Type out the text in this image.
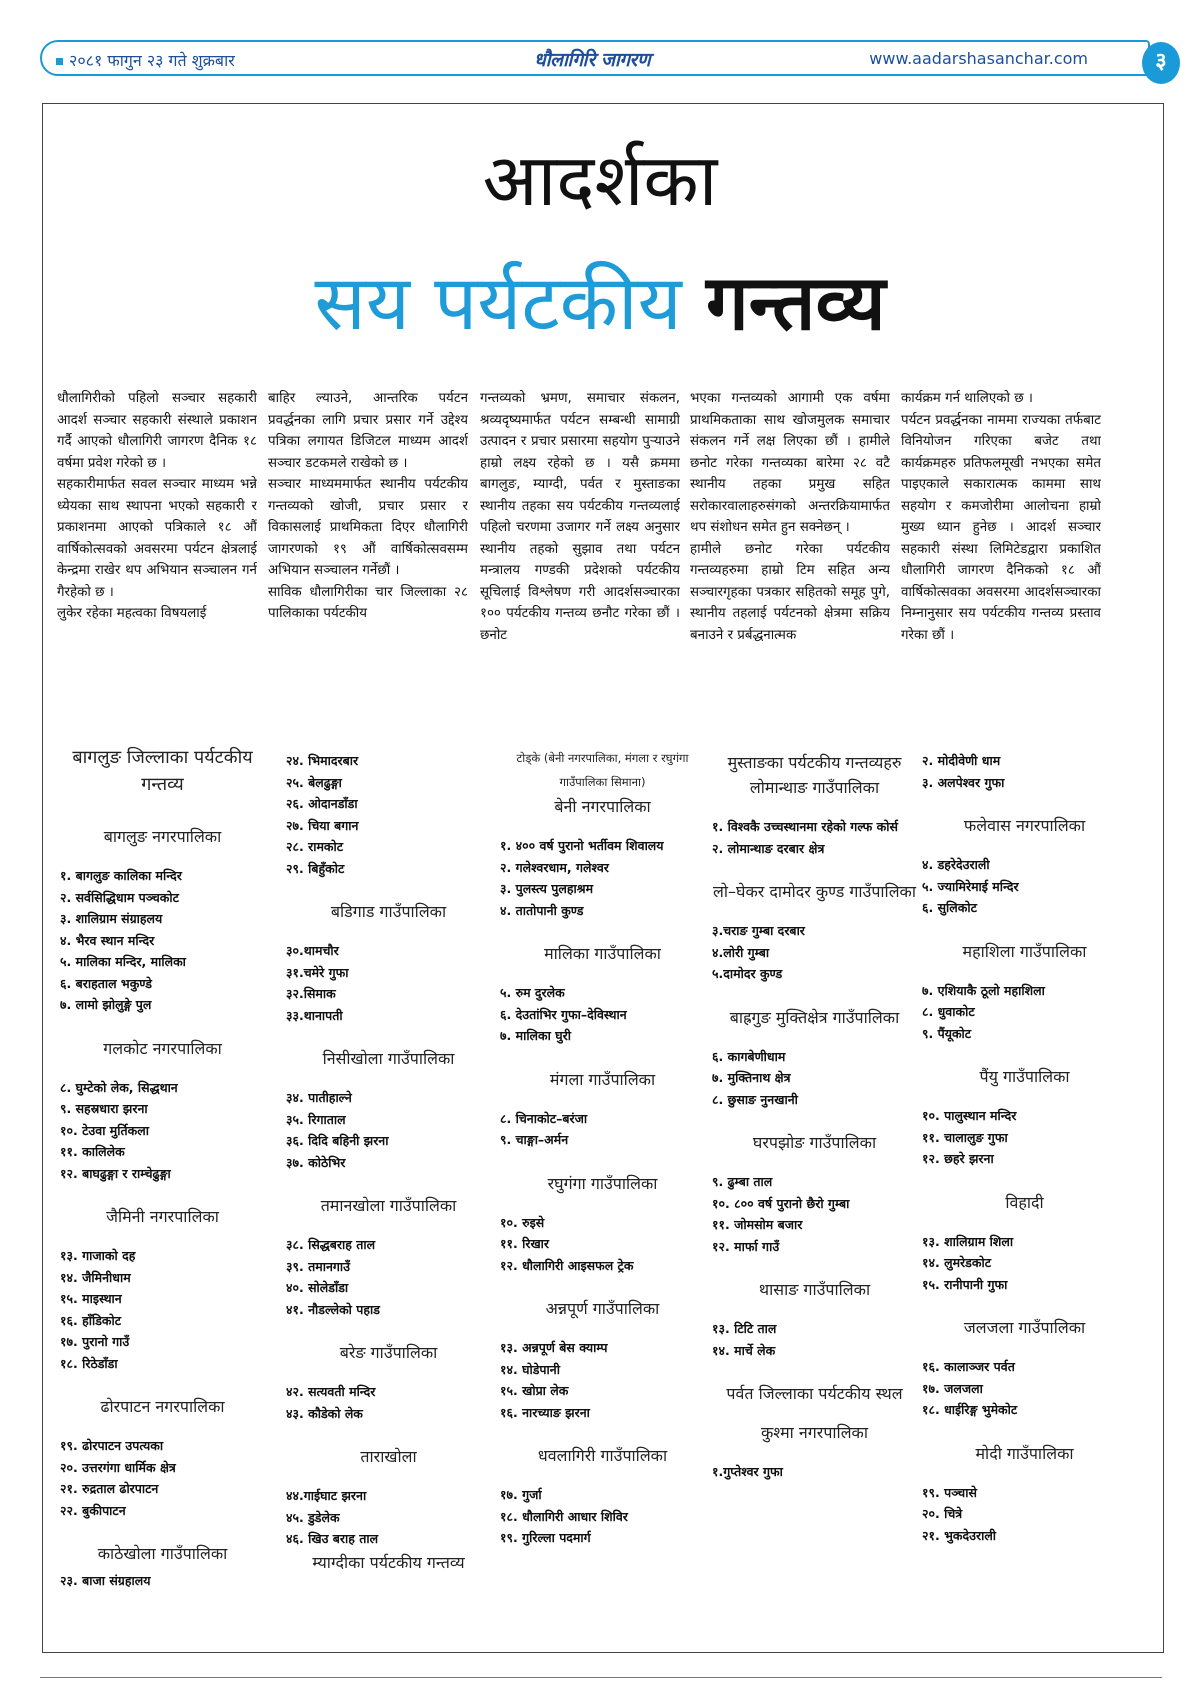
२०८१ फागुन २३ गते शुक्रबार	धौलागिरि जागरण	www.aadarshasanchar.com	३
आदर्शका
सय पर्यटकीय गन्तव्य

धौलागिरीको पहिलो सञ्चार सहकारी आदर्श सञ्चार सहकारी संस्थाले प्रकाशन गर्दै आएको धौलागिरी जागरण दैनिक १८ वर्षमा प्रवेश गरेको छ ।

सहकारीमार्फत सवल सञ्चार माध्यम भन्ने ध्येयका साथ स्थापना भएको सहकारी र प्रकाशनमा आएको पत्रिकाले १८ औं वार्षिकोत्सवको अवसरमा पर्यटन क्षेत्रलाई केन्द्रमा राखेर थप अभियान सञ्चालन गर्न गैरहेको छ ।

लुकेर रहेका महत्वका विषयलाई

बाहिर ल्याउने, आन्तरिक पर्यटन प्रवर्द्धनका लागि प्रचार प्रसार गर्ने उद्देश्य पत्रिका लगायत डिजिटल माध्यम आदर्श सञ्चार डटकमले राखेको छ ।

सञ्चार माध्यममार्फत स्थानीय पर्यटकीय गन्तव्यको खोजी, प्रचार प्रसार र विकासलाई प्राथमिकता दिएर धौलागिरी जागरणको १९ औं वार्षिकोत्सवसम्म अभियान सञ्चालन गर्नेछौं ।

साविक धौलागिरीका चार जिल्लाका २८ पालिकाका पर्यटकीय

गन्तव्यको भ्रमण, समाचार संकलन, श्रव्यदृष्यमार्फत पर्यटन सम्बन्धी सामाग्री उत्पादन र प्रचार प्रसारमा सहयोग पुऱ्याउने हाम्रो लक्ष्य रहेको छ । यसै क्रममा बागलुङ, म्याग्दी, पर्वत र मुस्ताङका स्थानीय तहका सय पर्यटकीय गन्तव्यलाई पहिलो चरणमा उजागर गर्ने लक्ष्य अनुसार स्थानीय तहको सुझाव तथा पर्यटन मन्त्रालय गण्डकी प्रदेशको पर्यटकीय सूचिलाई विश्लेषण गरी आदर्शसञ्चारका १०० पर्यटकीय गन्तव्य छनौट गरेका छौं । छनोट

भएका गन्तव्यको आगामी एक वर्षमा प्राथमिकताका साथ खोजमुलक समाचार संकलन गर्ने लक्ष लिएका छौं । हामीले छनोट गरेका गन्तव्यका बारेमा २८ वटै स्थानीय तहका प्रमुख सहित सरोकारवालाहरुसंगको अन्तरक्रियामार्फत थप संशोधन समेत हुन सक्नेछन् ।

हामीले छनोट गरेका पर्यटकीय गन्तव्यहरुमा हाम्रो टिम सहित अन्य सञ्चारगृहका पत्रकार सहितको समूह पुगे, स्थानीय तहलाई पर्यटनको क्षेत्रमा सक्रिय बनाउने र प्रर्बद्धनात्मक

कार्यक्रम गर्न थालिएको छ ।

पर्यटन प्रवर्द्धनका नाममा राज्यका तर्फबाट विनियोजन गरिएका बजेट तथा कार्यक्रमहरु प्रतिफलमूखी नभएका समेत पाइएकाले सकारात्मक काममा साथ सहयोग र कमजोरीमा आलोचना हाम्रो मुख्य ध्यान हुनेछ । आदर्श सञ्चार सहकारी संस्था लिमिटेडद्वारा प्रकाशित धौलागिरी जागरण दैनिकको १८ औं वार्षिकोत्सवका अवसरमा आदर्शसञ्चारका निम्नानुसार सय पर्यटकीय गन्तव्य प्रस्ताव गरेका छौं ।

बागलुङ जिल्लाका पर्यटकीय गन्तव्य
बागलुङ नगरपालिका
१. बागलुङ कालिका मन्दिर
२. सर्वसिद्धिधाम पञ्चकोट
३. शालिग्राम संग्राहलय
४. भैरव स्थान मन्दिर
५. मालिका मन्दिर, मालिका
६. बराहताल भकुण्डे
७. लामो झोलुङ्गे पुल
गलकोट नगरपालिका
८. घुम्टेको लेक, सिद्धथान
९. सहस्रधारा झरना
१०. टेउवा मुर्तिकला
११. कालिलेक
१२. बाघढुङ्गा र राम्चेढुङ्गा
जैमिनी नगरपालिका
१३. गाजाको दह
१४. जैमिनीधाम
१५. माइस्थान
१६. हाँडिकोट
१७. पुरानो गाउँ
१८. रिठेडाँडा
ढोरपाटन नगरपालिका
१९. ढोरपाटन उपत्यका
२०. उत्तरगंगा धार्मिक क्षेत्र
२१. रुद्रताल ढोरपाटन
२२. बुकीपाटन
काठेखोला गाउँपालिका
२३. बाजा संग्रहालय
२४. भिमादरबार
२५. बेलढुङ्गा
२६. ओदानडाँडा
२७. चिया बगान
२८. रामकोट
२९. बिहुँकोट
बडिगाड गाउँपालिका
३०.थामचौर
३१.चमेरे गुफा
३२.सिमाक
३३.थानापती
निसीखोला गाउँपालिका
३४. पातीहाल्ने
३५. रिगाताल
३६. दिदि बहिनी झरना
३७. कोठेभिर
तमानखोला गाउँपालिका
३८. सिद्धबराह ताल
३९. तमानगाउँ
४०. सोलेडाँडा
४१. नौडल्लेको पहाड
बरेङ गाउँपालिका
४२. सत्यवती मन्दिर
४३. कौडेको लेक
ताराखोला
४४.गाईघाट झरना
४५. डुडेलेक
४६. खिउ बराह ताल
म्याग्दीका पर्यटकीय गन्तव्य
टोड्के (बेनी नगरपालिका, मंगला र रघुगंगा गाउँपालिका सिमाना)
बेनी नगरपालिका
१. ४०० वर्ष पुरानो भर्तीवम शिवालय
२. गलेश्वरधाम, गलेश्वर
३. पुलस्त्य पुलहाश्रम
४. तातोपानी कुण्ड
मालिका गाउँपालिका
५. रुम दुरलेक
६. देउतांभिर गुफा–देविस्थान
७. मालिका घुरी
मंगला गाउँपालिका
८. चिनाकोट–बरंजा
९. चाङ्गा–अर्मन
रघुगंगा गाउँपालिका
१०. रुइसे
११. रिखार
१२. धौलागिरी आइसफल ट्रेक
अन्नपूर्ण गाउँपालिका
१३. अन्नपूर्ण बेस क्याम्प
१४. घोडेपानी
१५. खोप्रा लेक
१६. नारच्याङ झरना
धवलागिरी गाउँपालिका
१७. गुर्जा
१८. धौलागिरी आधार शिविर
१९. गुरिल्ला पदमार्ग
मुस्ताङका पर्यटकीय गन्तव्यहरु लोमान्थाङ गाउँपालिका
१. विश्वकै उच्चस्थानमा रहेको गल्फ कोर्स
२. लोमान्थाङ दरबार क्षेत्र
लो–घेकर दामोदर कुण्ड गाउँपालिका
३.चराङ गुम्बा दरबार
४.लोरी गुम्बा
५.दामोदर कुण्ड
बाह्रगुङ मुक्तिक्षेत्र गाउँपालिका
६. कागबेणीधाम
७. मुक्तिनाथ क्षेत्र
८. छुसाङ नुनखानी
घरपझोङ गाउँपालिका
९. ढुम्बा ताल
१०. ८०० वर्ष पुरानो छैरो गुम्बा
११. जोमसोम बजार
१२. मार्फा गाउँ
थासाङ गाउँपालिका
१३. टिटि ताल
१४. मार्चे लेक
पर्वत जिल्लाका पर्यटकीय स्थल
कुश्मा नगरपालिका
१.गुप्तेश्वर गुफा
२. मोदीवेणी धाम
३. अलपेश्वर गुफा
फलेवास नगरपालिका
४. डहरेदेउराली
५. ज्यामिरेमाई मन्दिर
६. सुलिकोट
महाशिला गाउँपालिका
७. एशियाकै ठूलो महाशिला
८. धुवाकोट
९. पैंयूकोट
पैंयु गाउँपालिका
१०. पालुस्थान मन्दिर
११. चालालुङ गुफा
१२. छहरे झरना
विहादी
१३. शालिग्राम शिला
१४. लुमरेडकोट
१५. रानीपानी गुफा
जलजला गाउँपालिका
१६. कालाञ्जर पर्वत
१७. जलजला
१८. धाईरिङ्ग भुमेकोट
मोदी गाउँपालिका
१९. पञ्चासे
२०. चित्रे
२१. भुकदेउराली
